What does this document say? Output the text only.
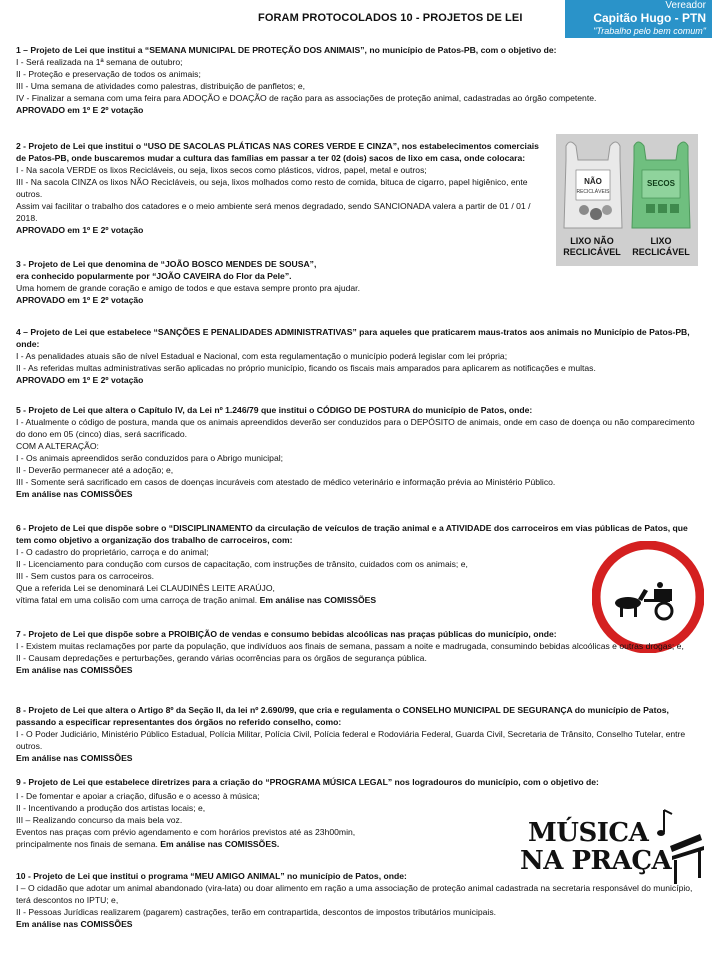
FORAM PROTOCOLADOS 10 - PROJETOS DE LEI
Vereador
Capitão Hugo - PTN
"Trabalho pelo bem comum"

1 – Projeto de Lei que institui a “SEMANA MUNICIPAL DE PROTEÇÃO DOS ANIMAIS”, no município de Patos-PB, com o objetivo de:

I - Será realizada na 1ª semana de outubro;

II - Proteção e preservação de todos os animais;

III - Uma semana de atividades como palestras, distribuição de panfletos; e,

IV - Finalizar a semana com uma feira para ADOÇÃO e DOAÇÃO de ração para as associações de proteção animal, cadastradas ao órgão competente.

APROVADO em 1º E 2º votação

2 - Projeto de Lei que institui o “USO DE SACOLAS PLÁTICAS NAS CORES VERDE E CINZA”, nos estabelecimentos comerciais de Patos-PB, onde buscaremos mudar a cultura das famílias em passar a ter 02 (dois) sacos de lixo em casa, onde colocara:

I - Na sacola VERDE os lixos Recicláveis, ou seja, lixos secos como plásticos, vidros, papel, metal e outros;

III - Na sacola CINZA os lixos NÃO Recicláveis, ou seja, lixos molhados como resto de comida, bituca de cigarro, papel higiênico, ente outros.

Assim vai facilitar o trabalho dos catadores e o meio ambiente será menos degradado, sendo SANCIONADA valera a partir de 01 / 01 / 2018.

APROVADO em 1º E 2º votação

NÃO
RECICLÁVEIS
SECOS
LIXO NÃO
RECLICÁVEL
LIXO
RECLICÁVEL

3 - Projeto de Lei que denomina de “JOÃO BOSCO MENDES DE SOUSA”,

era conhecido popularmente por “JOÃO CAVEIRA do Flor da Pele”.

Uma homem de grande coração e amigo de todos e que estava sempre pronto pra ajudar.

APROVADO em 1º E 2º votação

4 – Projeto de Lei que estabelece “SANÇÕES E PENALIDADES ADMINISTRATIVAS” para aqueles que praticarem maus-tratos aos animais no Município de Patos-PB, onde:

I - As penalidades atuais são de nível Estadual e Nacional, com esta regulamentação o município poderá legislar com lei própria;

II - As referidas multas administrativas serão aplicadas no próprio município, ficando os fiscais mais amparados para aplicarem as notificações e multas.

APROVADO em 1º E 2º votação

5 - Projeto de Lei que altera o Capítulo IV, da Lei nº 1.246/79 que institui o CÓDIGO DE POSTURA do município de Patos, onde:

I - Atualmente o código de postura, manda que os animais apreendidos deverão ser conduzidos para o DEPÓSITO de animais, onde em caso de doença ou não comparecimento do dono em 05 (cinco) dias, será sacrificado.

COM A ALTERAÇÃO:

I - Os animais apreendidos serão conduzidos para o Abrigo municipal;

II - Deverão permanecer até a adoção; e,

III - Somente será sacrificado em casos de doenças incuráveis com atestado de médico veterinário e informação prévia ao Ministério Público.

Em análise nas COMISSÕES

6 - Projeto de Lei que dispõe sobre o “DISCIPLINAMENTO da circulação de veículos de tração animal e a ATIVIDADE dos carroceiros em vias públicas de Patos, que tem como objetivo a organização dos trabalho de carroceiros, com:

I - O cadastro do proprietário, carroça e do animal;

II - Licenciamento para condução com cursos de capacitação, com instruções de trânsito, cuidados com os animais; e,

III - Sem custos para os carroceiros.

Que a referida Lei se denominará Lei CLAUDINÊS LEITE ARAÚJO,

vítima fatal em uma colisão com uma carroça de tração animal. Em análise nas COMISSÕES

7 - Projeto de Lei que dispõe sobre a PROIBIÇÃO de vendas e consumo bebidas alcoólicas nas praças públicas do município, onde:

I - Existem muitas reclamações por parte da população, que indivíduos aos finais de semana, passam a noite e madrugada, consumindo bebidas alcoólicas e outras drogas; e,

II - Causam depredações e perturbações, gerando várias ocorrências para os órgãos de segurança pública.

Em análise nas COMISSÕES

8 - Projeto de Lei que altera o Artigo 8º da Seção II, da lei nº 2.690/99, que cria e regulamenta o CONSELHO MUNICIPAL DE SEGURANÇA do município de Patos, passando a especificar representantes dos órgãos no referido conselho, como:

I - O Poder Judiciário, Ministério Público Estadual, Polícia Militar, Polícia Civil, Polícia federal e Rodoviária Federal, Guarda Civil, Secretaria de Trânsito, Conselho Tutelar, entre outros.

Em análise nas COMISSÕES

9 - Projeto de Lei que estabelece diretrizes para a criação do “PROGRAMA MÚSICA LEGAL” nos logradouros do município, com o objetivo de:

I - De fomentar e apoiar a criação, difusão e o acesso à música;

II - Incentivando a produção dos artistas locais; e,

III – Realizando concurso da mais bela voz.

Eventos nas praças com prévio agendamento e com horários previstos até as 23h00min,

principalmente nos finais de semana. Em análise nas COMISSÕES.	MÚSICA
NA PRAÇA

10 - Projeto de Lei que institui o programa “MEU AMIGO ANIMAL” no município de Patos, onde:

I – O cidadão que adotar um animal abandonado (vira-lata) ou doar alimento em ração a uma associação de proteção animal cadastrada na secretaria responsável do município, terá descontos no IPTU; e,

II - Pessoas Jurídicas realizarem (pagarem) castrações, terão em contrapartida, descontos de impostos tributários municipais.

Em análise nas COMISSÕES
